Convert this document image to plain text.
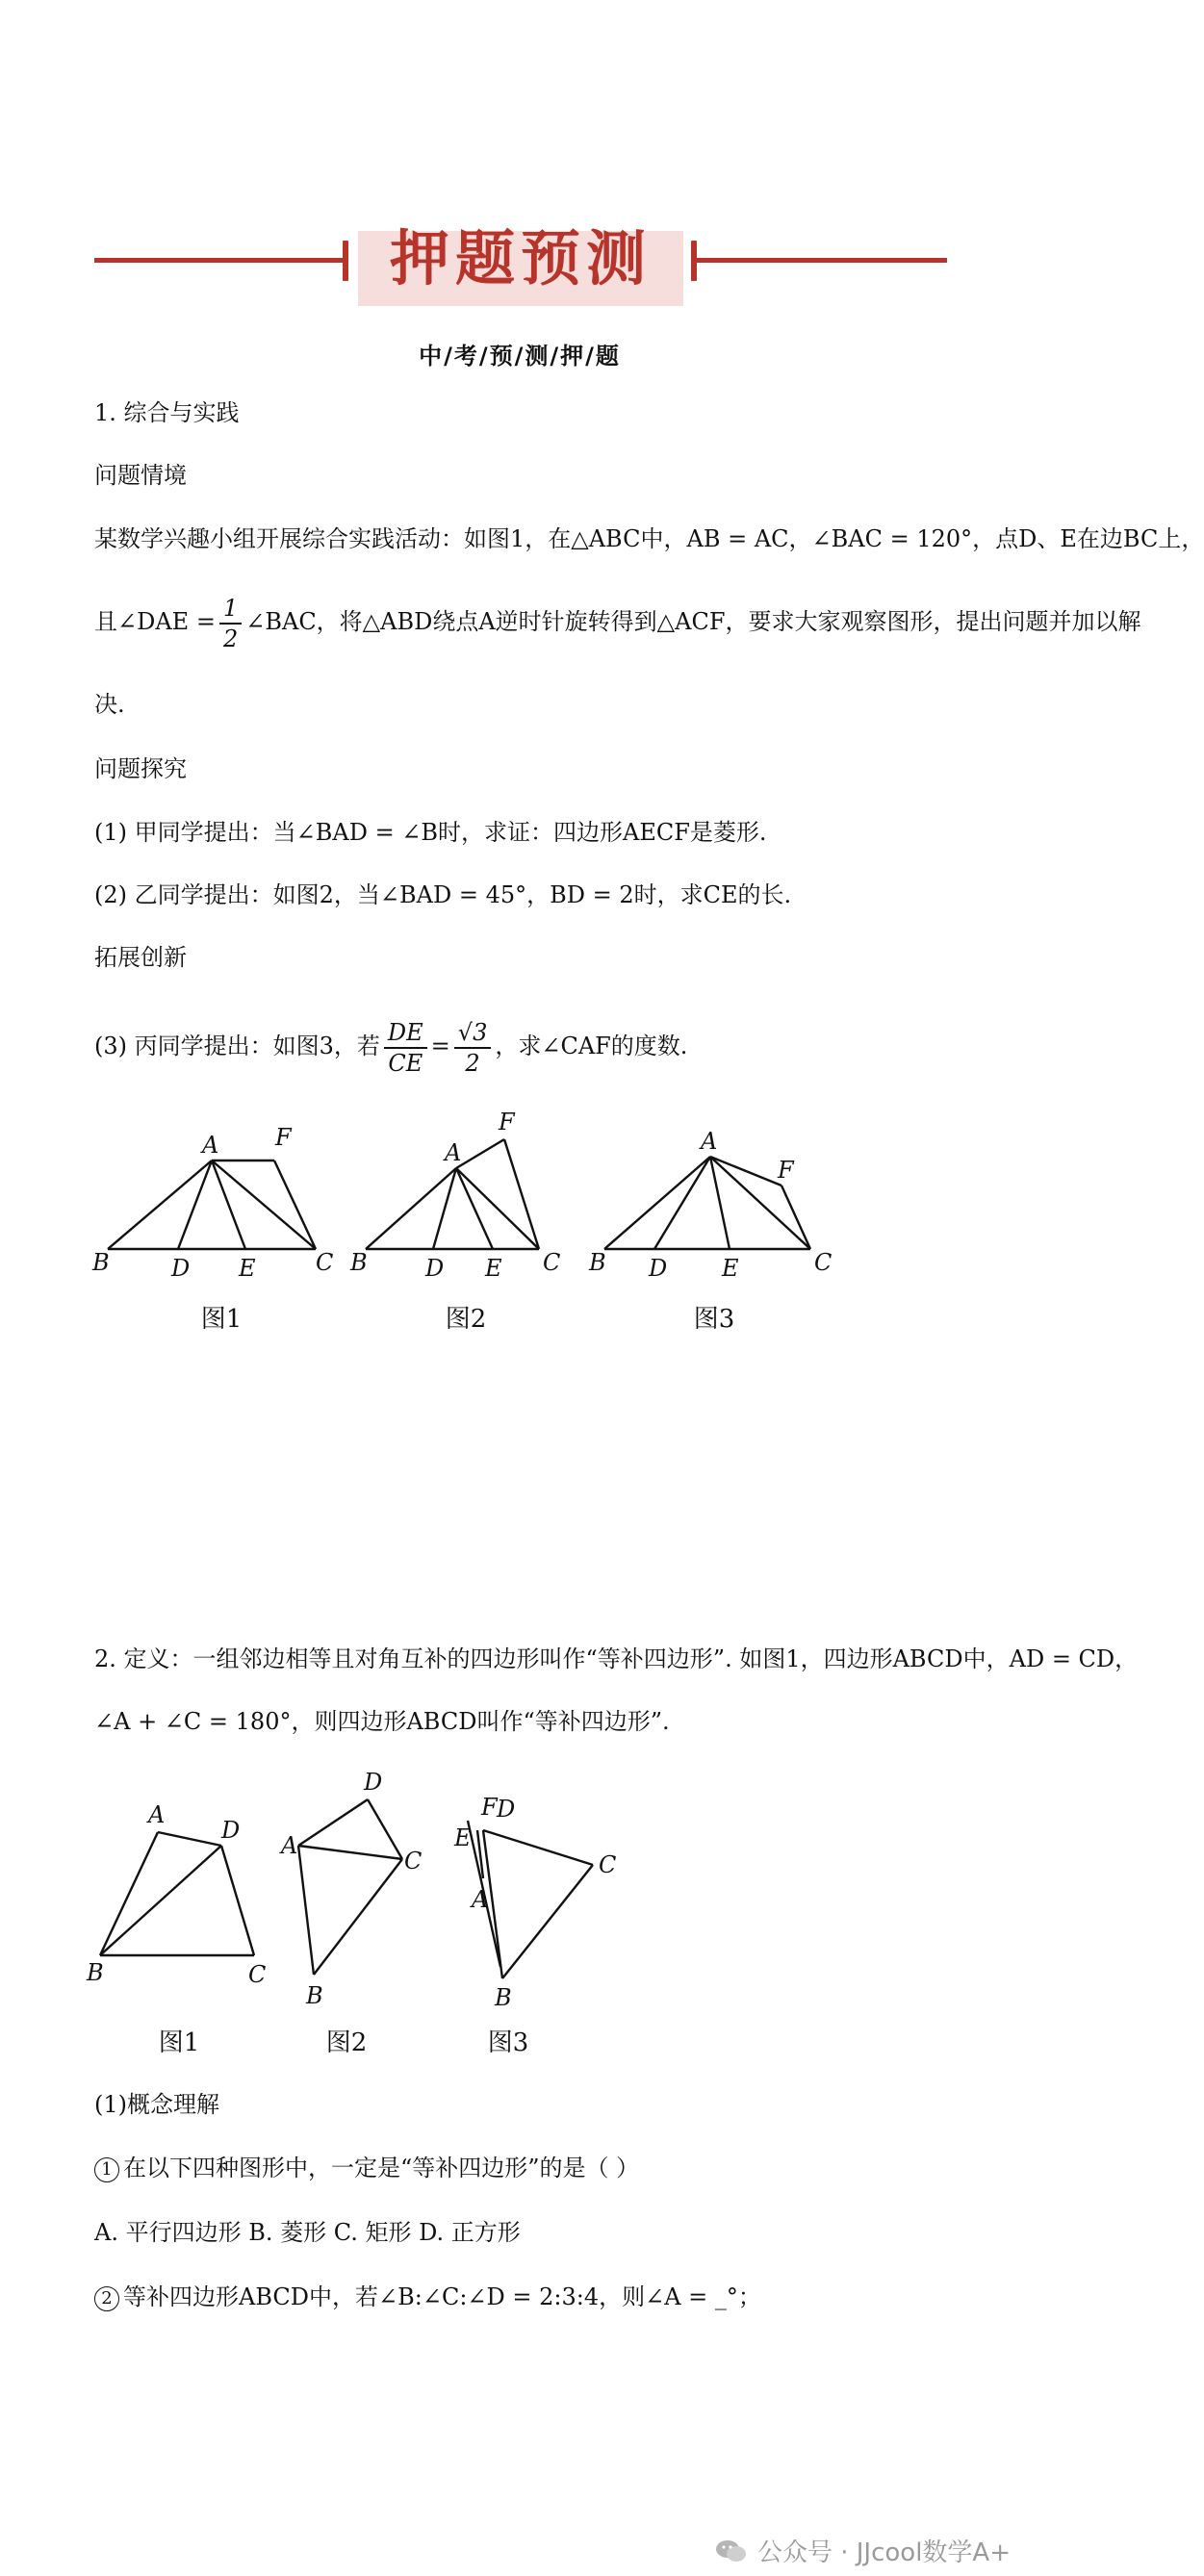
押题预测
中/考/预/测/押/题
1. 综合与实践
问题情境
某数学兴趣小组开展综合实践活动：如图1，在△ABC中，AB = AC，∠BAC = 120°，点D、E在边BC上，
且∠DAE = $\frac{1}{2}$ ∠BAC，将△ABD绕点A逆时针旋转得到△ACF，要求大家观察图形，提出问题并加以解
决.
问题探究
(1) 甲同学提出：当∠BAD = ∠B时，求证：四边形AECF是菱形.
(2) 乙同学提出：如图2，当∠BAD = 45°，BD = 2时，求CE的长.
拓展创新
(3) 丙同学提出：如图3，若 $\frac{DE}{CE} = \frac{√3}{2}$ ，求∠CAF的度数.
A F
B	D E	C
A
F
B	D E C
A
F
B D E	C
图1	图2	图3
2. 定义：一组邻边相等且对角互补的四边形叫作“等补四边形”. 如图1，四边形ABCD中，AD = CD，
∠A + ∠C = 180°，则四边形ABCD叫作“等补四边形”.
A
D
B	C
A
D
C
B
E
F D
C
A
B
图1	图2	图3
(1)概念理解
1 在以下四种图形中，一定是“等补四边形”的是（ ）
A. 平行四边形 B. 菱形 C. 矩形 D. 正方形
2 等补四边形ABCD中，若∠B:∠C:∠D = 2:3:4，则∠A = _°；
公众号 · JJcool数学A+
